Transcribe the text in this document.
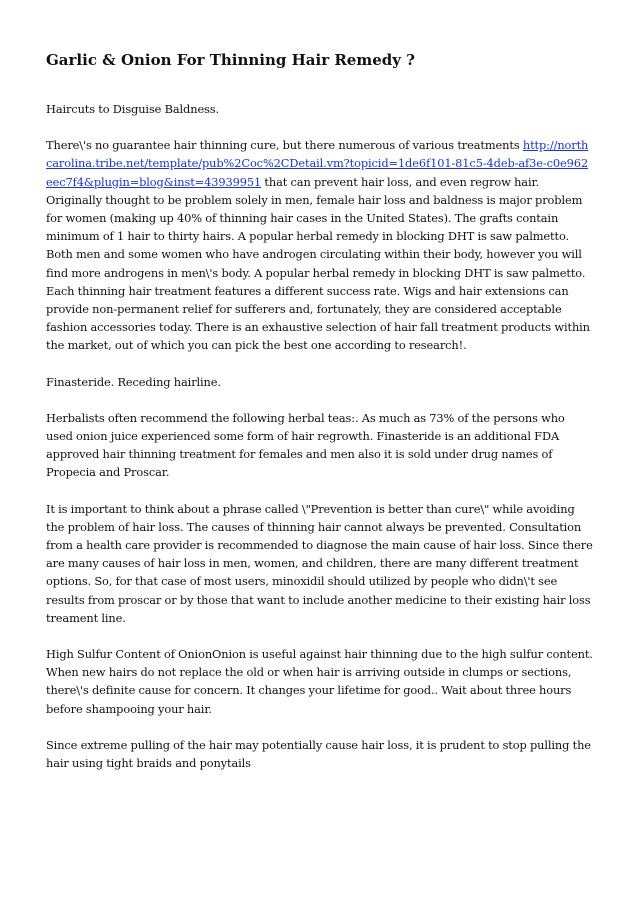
Garlic & Onion For Thinning Hair Remedy ?

Haircuts to Disguise Baldness.

There\'s no guarantee hair thinning cure, but there numerous of various treatments http://northcarolina.tribe.net/template/pub%2Coc%2CDetail.vm?topicid=1de6f101-81c5-4deb-af3e-c0e962eec7f4&plugin=blog&inst=43939951 that can prevent hair loss, and even regrow hair. Originally thought to be problem solely in men, female hair loss and baldness is major problem for women (making up 40% of thinning hair cases in the United States). The grafts contain minimum of 1 hair to thirty hairs. A popular herbal remedy in blocking DHT is saw palmetto. Both men and some women who have androgen circulating within their body, however you will find more androgens in men\'s body. A popular herbal remedy in blocking DHT is saw palmetto. Each thinning hair treatment features a different success rate. Wigs and hair extensions can provide non-permanent relief for sufferers and, fortunately, they are considered acceptable fashion accessories today. There is an exhaustive selection of hair fall treatment products within the market, out of which you can pick the best one according to research!.

Finasteride. Receding hairline.

Herbalists often recommend the following herbal teas:. As much as 73% of the persons who used onion juice experienced some form of hair regrowth. Finasteride is an additional FDA approved hair thinning treatment for females and men also it is sold under drug names of Propecia and Proscar.

It is important to think about a phrase called \"Prevention is better than cure\" while avoiding the problem of hair loss. The causes of thinning hair cannot always be prevented. Consultation from a health care provider is recommended to diagnose the main cause of hair loss. Since there are many causes of hair loss in men, women, and children, there are many different treatment options. So, for that case of most users, minoxidil should utilized by people who didn\'t see results from proscar or by those that want to include another medicine to their existing hair loss treament line.

High Sulfur Content of OnionOnion is useful against hair thinning due to the high sulfur content. When new hairs do not replace the old or when hair is arriving outside in clumps or sections, there\'s definite cause for concern. It changes your lifetime for good.. Wait about three hours before shampooing your hair.

Since extreme pulling of the hair may potentially cause hair loss, it is prudent to stop pulling the hair using tight braids and ponytails
